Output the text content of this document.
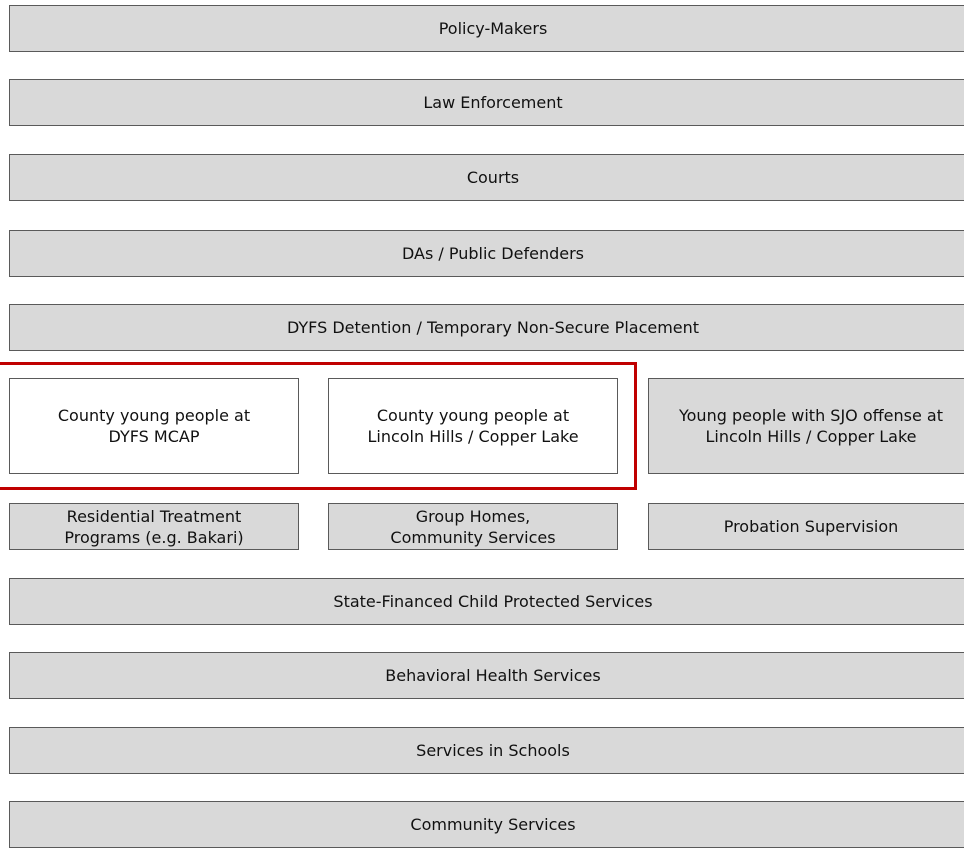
Policy-Makers
Law Enforcement
Courts
DAs / Public Defenders
DYFS Detention / Temporary Non-Secure Placement
County young people at
DYFS MCAP
County young people at
Lincoln Hills / Copper Lake
Young people with SJO offense at
Lincoln Hills / Copper Lake
Residential Treatment
Programs (e.g. Bakari)
Group Homes,
Community Services
Probation Supervision
State-Financed Child Protected Services
Behavioral Health Services
Services in Schools
Community Services
